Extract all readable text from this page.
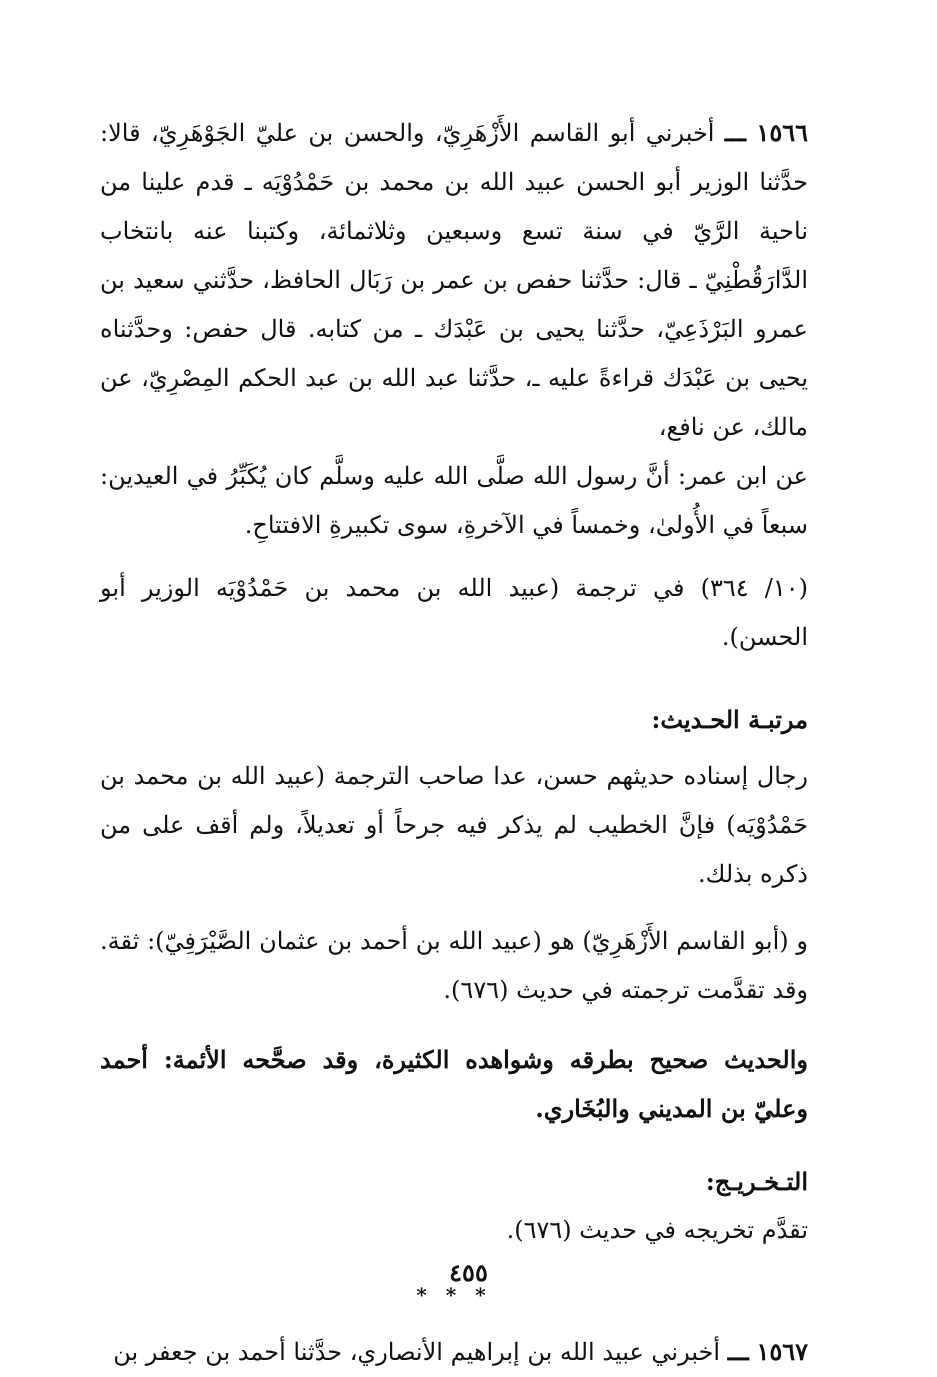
١٥٦٦ ـــ أخبرني أبو القاسم الأَزْهَرِيّ، والحسن بن عليّ الجَوْهَرِيّ، قالا: حدَّثنا الوزير أبو الحسن عبيد الله بن محمد بن حَمْدُوْيَه ـ قدم علينا من ناحية الرَّيّ في سنة تسع وسبعين وثلاثمائة، وكتبنا عنه بانتخاب الدَّارَقُطْنِيّ ـ قال: حدَّثنا حفص بن عمر بن رَبَال الحافظ، حدَّثني سعيد بن عمرو البَرْذَعِيّ، حدَّثنا يحيى بن عَبْدَك ـ من كتابه. قال حفص: وحدَّثناه يحيى بن عَبْدَك قراءةً عليه ـ، حدَّثنا عبد الله بن عبد الحكم المِصْرِيّ، عن مالك، عن نافع،

عن ابن عمر: أنَّ رسول الله صلَّى الله عليه وسلَّم كان يُكَبِّرُ في العيدين: سبعاً في الأُولىٰ، وخمساً في الآخرةِ، سوى تكبيرةِ الافتتاحِ.

(١٠/ ٣٦٤) في ترجمة (عبيد الله بن محمد بن حَمْدُوْيَه الوزير أبو الحسن).

مرتبـة الحـديث:

رجال إسناده حديثهم حسن، عدا صاحب الترجمة (عبيد الله بن محمد بن حَمْدُوْيَه) فإنَّ الخطيب لم يذكر فيه جرحاً أو تعديلاً، ولم أقف على من ذكره بذلك.

و (أبو القاسم الأَزْهَرِيّ) هو (عبيد الله بن أحمد بن عثمان الصَّيْرَفِيّ): ثقة. وقد تقدَّمت ترجمته في حديث (٦٧٦).

والحديث صحيح بطرقه وشواهده الكثيرة، وقد صحَّحه الأئمة: أحمد وعليّ بن المديني والبُخَاري.

التـخـريـج:

تقدَّم تخريجه في حديث (٦٧٦).

* * *

١٥٦٧ ـــ أخبرني عبيد الله بن إبراهيم الأنصاري، حدَّثنا أحمد بن جعفر بن

٤٥٥
